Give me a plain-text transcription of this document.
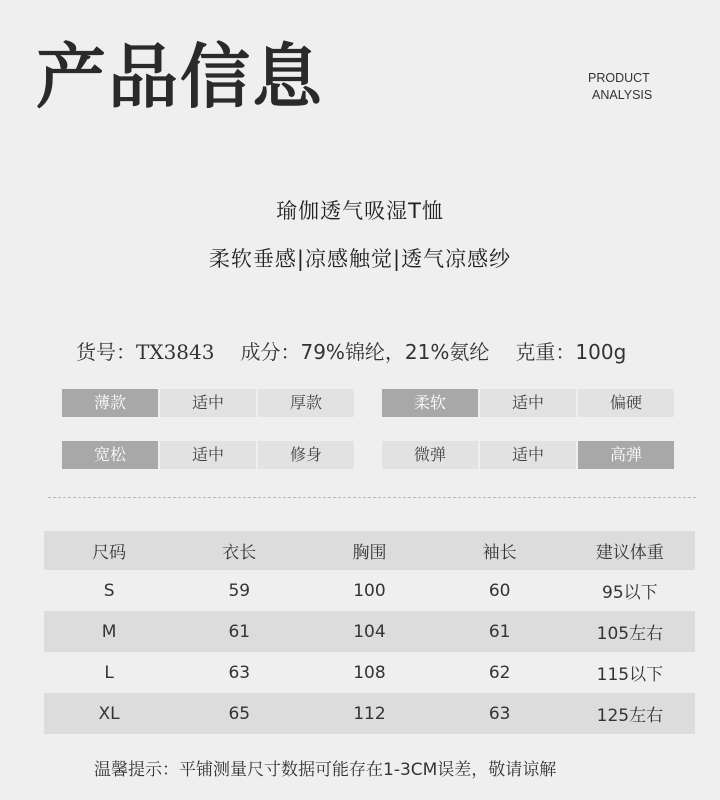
产品信息	PRODUCT
ANALYSIS
瑜伽透气吸湿T恤
柔软垂感|凉感触觉|透气凉感纱
货号：TX3843 成分：79%锦纶，21%氨纶 克重：100g
薄款	适中	厚款	柔软	适中	偏硬
宽松	适中	修身	微弹	适中	高弹
尺码	衣长	胸围	袖长	建议体重
S	59	100	60	95以下
M	61	104	61	105左右
L	63	108	62	115以下
XL	65	112	63	125左右
温馨提示：平铺测量尺寸数据可能存在1-3CM误差，敬请谅解
